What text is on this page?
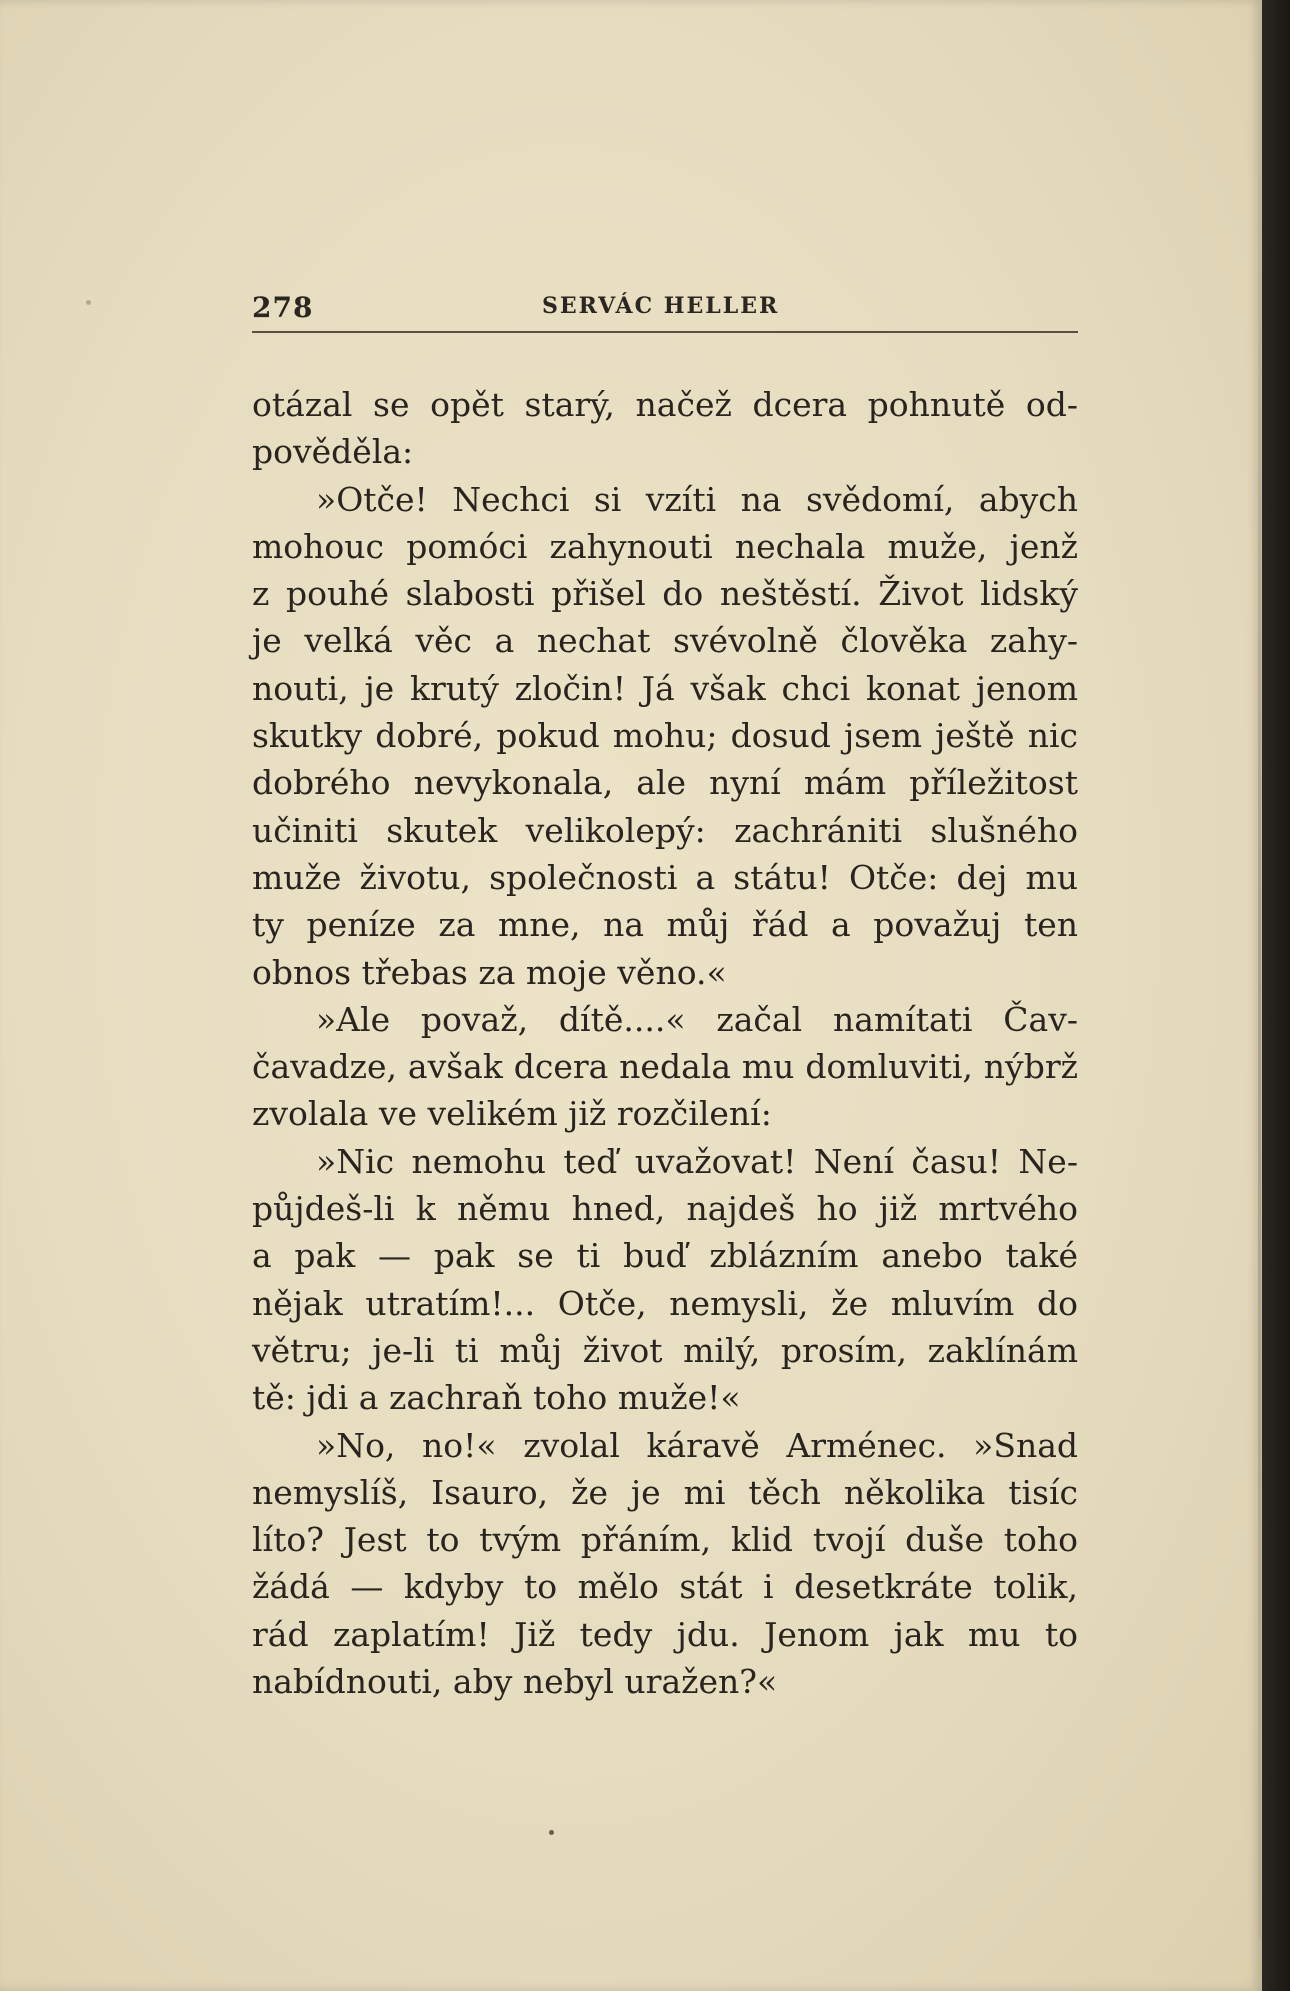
278	SERVÁC HELLER
otázal se opět starý, načež dcera pohnutě od-
pověděla:
»Otče! Nechci si vzíti na svědomí, abych
mohouc pomóci zahynouti nechala muže, jenž
z pouhé slabosti přišel do neštěstí. Život lidský
je velká věc a nechat svévolně člověka zahy-
nouti, je krutý zločin! Já však chci konat jenom
skutky dobré, pokud mohu; dosud jsem ještě nic
dobrého nevykonala, ale nyní mám příležitost
učiniti skutek velikolepý: zachrániti slušného
muže životu, společnosti a státu! Otče: dej mu
ty peníze za mne, na můj řád a považuj ten
obnos třebas za moje věno.«
»Ale považ, dítě....« začal namítati Čav-
čavadze, avšak dcera nedala mu domluviti, nýbrž
zvolala ve velikém již rozčilení:
»Nic nemohu teď uvažovat! Není času! Ne-
půjdeš-li k němu hned, najdeš ho již mrtvého
a pak — pak se ti buď zblázním anebo také
nějak utratím!... Otče, nemysli, že mluvím do
větru; je-li ti můj život milý, prosím, zaklínám
tě: jdi a zachraň toho muže!«
»No, no!« zvolal káravě Arménec. »Snad
nemyslíš, Isauro, že je mi těch několika tisíc
líto? Jest to tvým přáním, klid tvojí duše toho
žádá — kdyby to mělo stát i desetkráte tolik,
rád zaplatím! Již tedy jdu. Jenom jak mu to
nabídnouti, aby nebyl uražen?«
